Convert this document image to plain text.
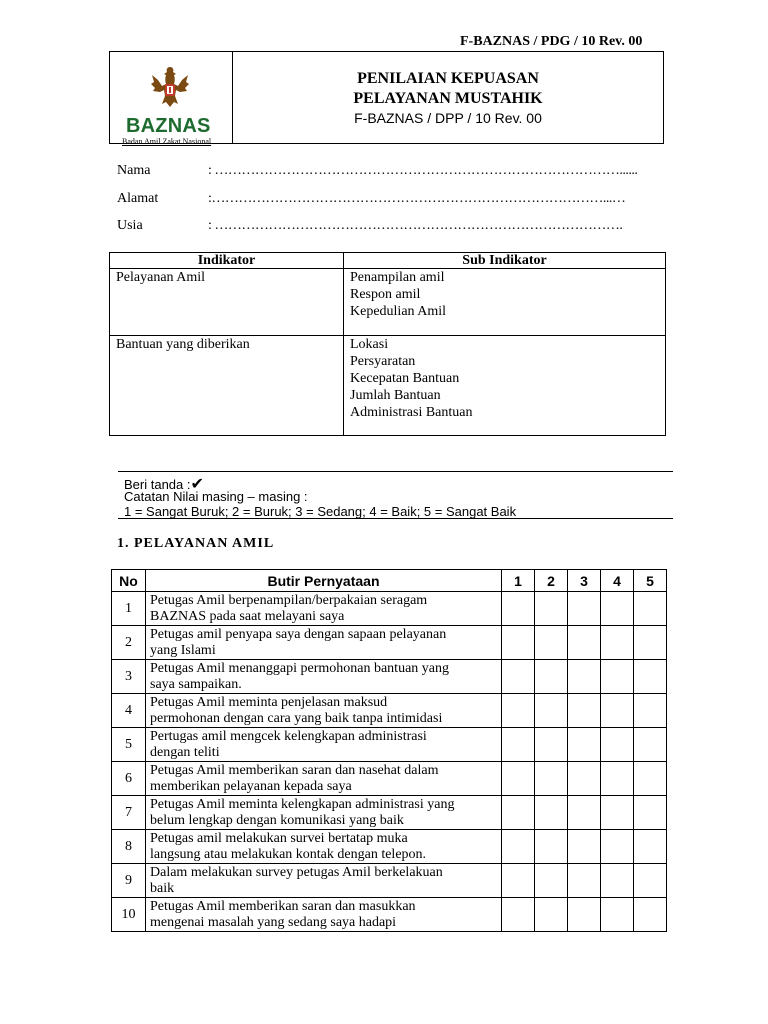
F-BAZNAS / PDG / 10 Rev. 00
BAZNAS
Badan Amil Zakat Nasional
PENILAIAN KEPUASAN
PELAYANAN MUSTAHIK
F-BAZNAS / DPP / 10 Rev. 00
Nama	: ………………………………………………………………………………......
Alamat	:……………………………………………………………………………...…
Usia	: ……………………………………………………………………………….
Indikator	Sub Indikator
Pelayanan Amil	Penampilan amil
Respon amil
Kepedulian Amil

Bantuan yang diberikan	Lokasi
Persyaratan
Kecepatan Bantuan
Jumlah Bantuan
Administrasi Bantuan
Beri tanda :✔
Catatan Nilai masing – masing :
1 = Sangat Buruk; 2 = Buruk; 3 = Sedang; 4 = Baik; 5 = Sangat Baik
1. PELAYANAN AMIL
No	Butir Pernyataan	1	2	3	4	5
1	Petugas Amil berpenampilan/berpakaian seragam
BAZNAS pada saat melayani saya					

2	Petugas amil penyapa saya dengan sapaan pelayanan
yang Islami					

3	Petugas Amil menanggapi permohonan bantuan yang
saya sampaikan.					

4	Petugas Amil meminta penjelasan maksud
permohonan dengan cara yang baik tanpa intimidasi					

5	Pertugas amil mengcek kelengkapan administrasi
dengan teliti					

6	Petugas Amil memberikan saran dan nasehat dalam
memberikan pelayanan kepada saya					

7	Petugas Amil meminta kelengkapan administrasi yang
belum lengkap dengan komunikasi yang baik					

8	Petugas amil melakukan survei bertatap muka
langsung atau melakukan kontak dengan telepon.					

9	Dalam melakukan survey petugas Amil berkelakuan
baik					

10	Petugas Amil memberikan saran dan masukkan
mengenai masalah yang sedang saya hadapi					
